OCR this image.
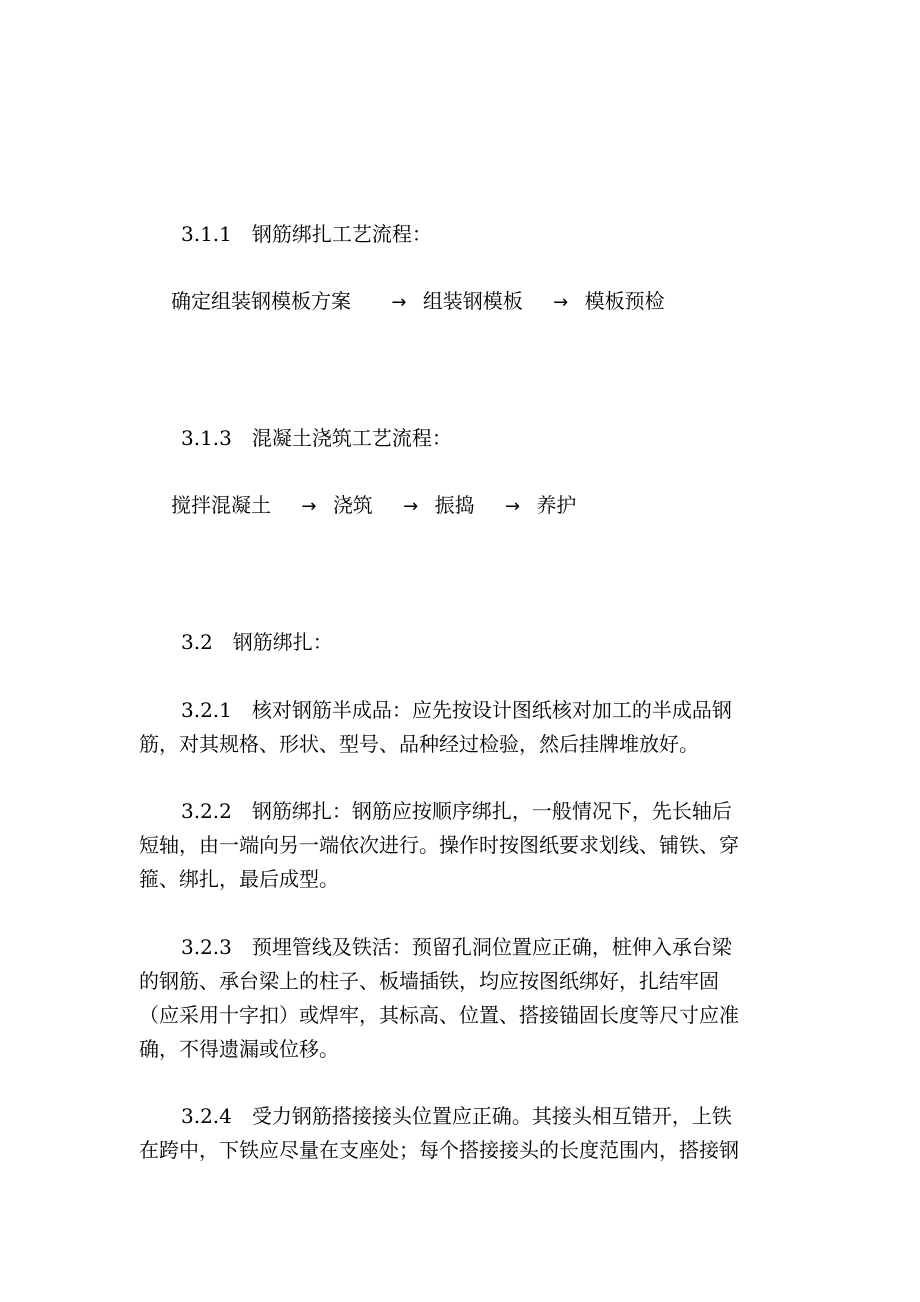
3.1.1　钢筋绑扎工艺流程：
确定组装钢模板方案 → 组装钢模板 → 模板预检
3.1.3　混凝土浇筑工艺流程：
搅拌混凝土 → 浇筑 → 振捣 → 养护
3.2　钢筋绑扎：
3.2.1　核对钢筋半成品：应先按设计图纸核对加工的半成品钢
筋，对其规格、形状、型号、品种经过检验，然后挂牌堆放好。
3.2.2　钢筋绑扎：钢筋应按顺序绑扎，一般情况下，先长轴后
短轴，由一端向另一端依次进行。操作时按图纸要求划线、铺铁、穿
箍、绑扎，最后成型。
3.2.3　预埋管线及铁活：预留孔洞位置应正确，桩伸入承台梁
的钢筋、承台梁上的柱子、板墙插铁，均应按图纸绑好，扎结牢固
（应采用十字扣）或焊牢，其标高、位置、搭接锚固长度等尺寸应准
确，不得遗漏或位移。
3.2.4　受力钢筋搭接接头位置应正确。其接头相互错开，上铁
在跨中，下铁应尽量在支座处；每个搭接接头的长度范围内，搭接钢
